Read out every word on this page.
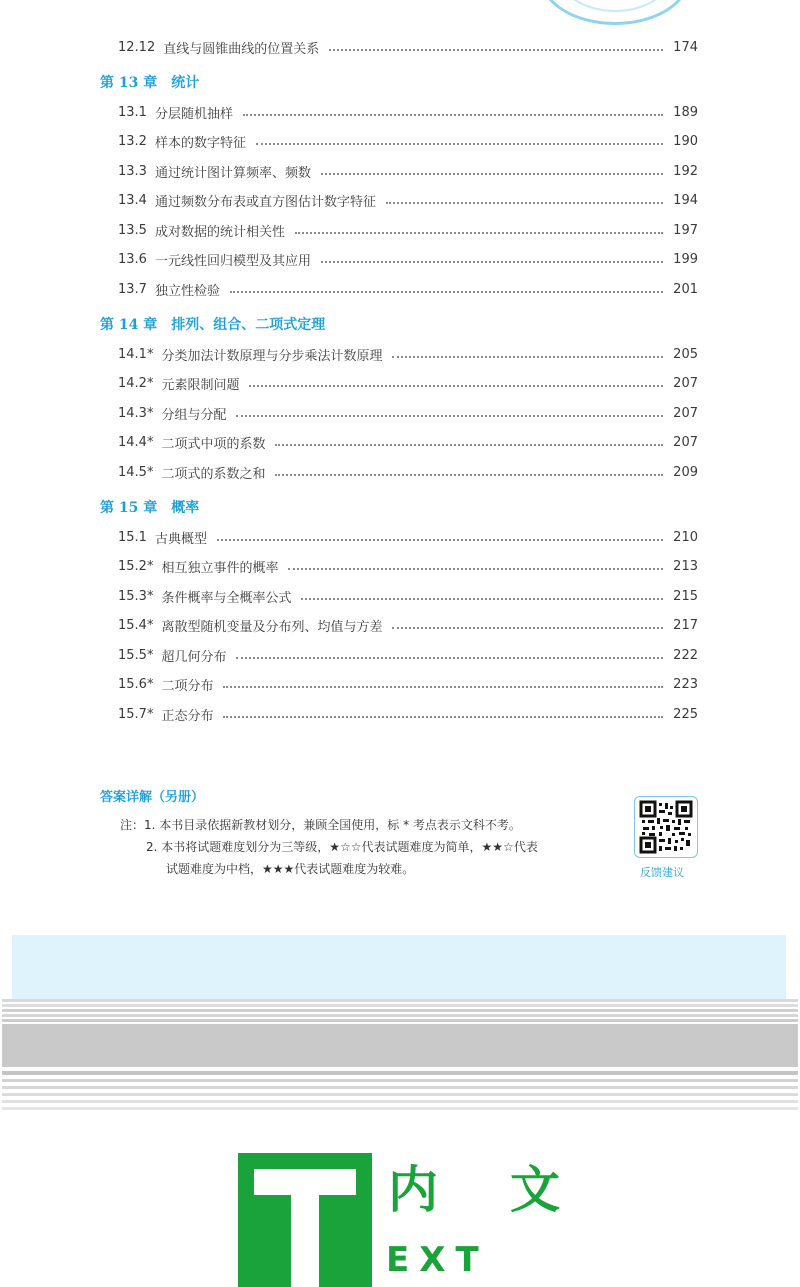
12.12 直线与圆锥曲线的位置关系	174
第 13 章 统计
13.1 分层随机抽样	189
13.2 样本的数字特征	190
13.3 通过统计图计算频率、频数	192
13.4 通过频数分布表或直方图估计数字特征	194
13.5 成对数据的统计相关性	197
13.6 一元线性回归模型及其应用	199
13.7 独立性检验	201
第 14 章 排列、组合、二项式定理
14.1* 分类加法计数原理与分步乘法计数原理	205
14.2* 元素限制问题	207
14.3* 分组与分配	207
14.4* 二项式中项的系数	207
14.5* 二项式的系数之和	209
第 15 章 概率
15.1 古典概型	210
15.2* 相互独立事件的概率	213
15.3* 条件概率与全概率公式	215
15.4* 离散型随机变量及分布列、均值与方差	217
15.5* 超几何分布	222
15.6* 二项分布	223
15.7* 正态分布	225
答案详解（另册）
注：1. 本书目录依据新教材划分，兼顾全国使用，标 * 考点表示文科不考。
2. 本书将试题难度划分为三等级，★☆☆代表试题难度为简单，★★☆代表
试题难度为中档，★★★代表试题难度为较难。	反馈建议
内 文
EXT
